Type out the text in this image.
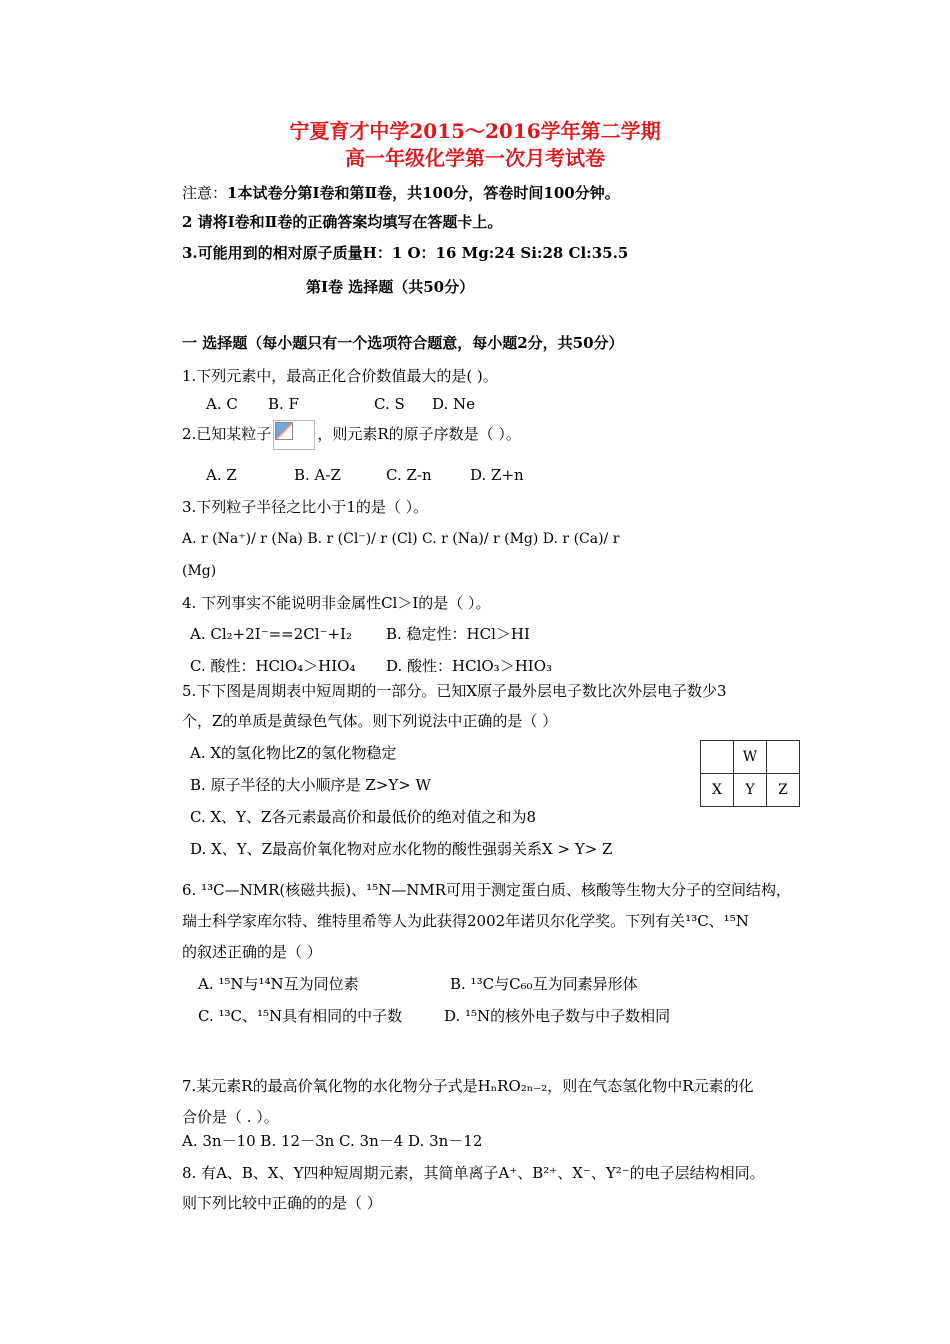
宁夏育才中学2015～2016学年第二学期
高一年级化学第一次月考试卷
注意：1本试卷分第Ⅰ卷和第Ⅱ卷，共100分，答卷时间100分钟。
2 请将Ⅰ卷和Ⅱ卷的正确答案均填写在答题卡上。
3.可能用到的相对原子质量H：1 O：16 Mg:24 Si:28 Cl:35.5
第Ⅰ卷 选择题（共50分）
一 选择题（每小题只有一个选项符合题意，每小题2分，共50分）
1.下列元素中，最高正化合价数值最大的是( )。
A. C B. F	C. S D. Ne
2.已知某粒子	，则元素R的原子序数是（ ）。
A. Z	B. A-Z	C. Z-n	D. Z+n
3.下列粒子半径之比小于1的是（ ）。
A. r (Na⁺)/ r (Na) B. r (Cl⁻)/ r (Cl) C. r (Na)/ r (Mg) D. r (Ca)/ r
(Mg)
4. 下列事实不能说明非金属性Cl＞I的是（ ）。
A. Cl₂+2I⁻==2Cl⁻+I₂ B. 稳定性：HCl＞HI
C. 酸性：HClO₄＞HIO₄ D. 酸性：HClO₃＞HIO₃
5.下下图是周期表中短周期的一部分。已知X原子最外层电子数比次外层电子数少3
个，Z的单质是黄绿色气体。则下列说法中正确的是（ ）
A. X的氢化物比Z的氢化物稳定
B. 原子半径的大小顺序是 Z>Y> W
C. X、Y、Z各元素最高价和最低价的绝对值之和为8
D. X、Y、Z最高价氧化物对应水化物的酸性强弱关系X > Y> Z
	W	
X	Y	Z
6. ¹³C—NMR(核磁共振)、¹⁵N—NMR可用于测定蛋白质、核酸等生物大分子的空间结构，
瑞士科学家库尔特、维特里希等人为此获得2002年诺贝尔化学奖。下列有关¹³C、¹⁵N
的叙述正确的是（ ）
A. ¹⁵N与¹⁴N互为同位素	B. ¹³C与C₆₀互为同素异形体
C. ¹³C、¹⁵N具有相同的中子数	D. ¹⁵N的核外电子数与中子数相同
7.某元素R的最高价氧化物的水化物分子式是HₙRO₂ₙ₋₂，则在气态氢化物中R元素的化
合价是（ . ）。
A. 3n－10 B. 12－3n C. 3n－4 D. 3n－12
8. 有A、B、X、Y四种短周期元素，其简单离子A⁺、B²⁺、X⁻、Y²⁻的电子层结构相同。
则下列比较中正确的的是（ ）
